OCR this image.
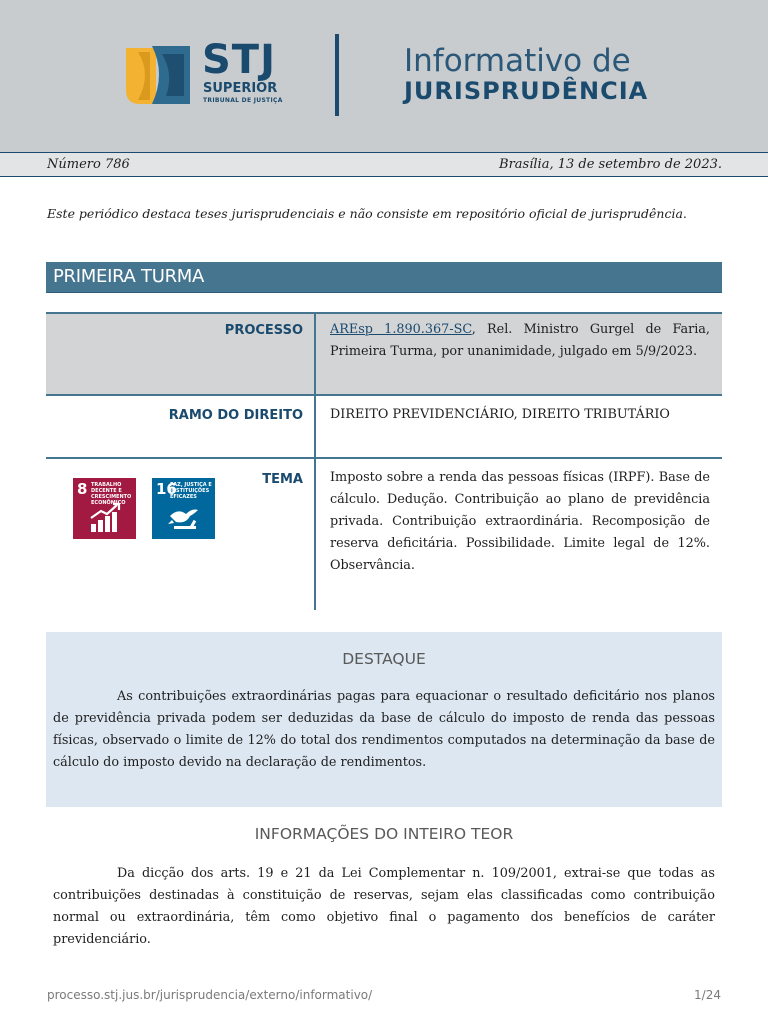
STJ
SUPERIOR
TRIBUNAL DE JUSTIÇA
Informativo de
JURISPRUDÊNCIA
Número 786	Brasília, 13 de setembro de 2023.
Este periódico destaca teses jurisprudenciais e não consiste em repositório oficial de jurisprudência.
PRIMEIRA TURMA
PROCESSO AREsp 1.890.367-SC, Rel. Ministro Gurgel de Faria, Primeira Turma, por unanimidade, julgado em 5/9/2023.
RAMO DO DIREITO DIREITO PREVIDENCIÁRIO, DIREITO TRIBUTÁRIO
TEMA Imposto sobre a renda das pessoas físicas (IRPF). Base de cálculo. Dedução. Contribuição ao plano de previdência privada. Contribuição extraordinária. Recomposição de reserva deficitária. Possibilidade. Limite legal de 12%. Observância.
8 TRABALHO DECENTE E CRESCIMENTO ECONÔMICO
16
PAZ, JUSTIÇA E INSTITUIÇÕES EFICAZES
DESTAQUE
As contribuições extraordinárias pagas para equacionar o resultado deficitário nos planos de previdência privada podem ser deduzidas da base de cálculo do imposto de renda das pessoas físicas, observado o limite de 12% do total dos rendimentos computados na determinação da base de cálculo do imposto devido na declaração de rendimentos.
INFORMAÇÕES DO INTEIRO TEOR
Da dicção dos arts. 19 e 21 da Lei Complementar n. 109/2001, extrai-se que todas as contribuições destinadas à constituição de reservas, sejam elas classificadas como contribuição normal ou extraordinária, têm como objetivo final o pagamento dos benefícios de caráter previdenciário.
processo.stj.jus.br/jurisprudencia/externo/informativo/	1/24
